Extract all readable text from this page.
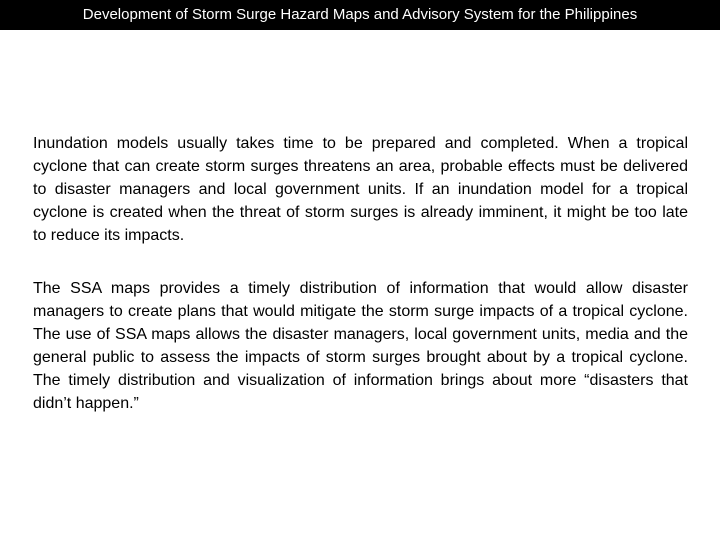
Development of Storm Surge Hazard Maps and Advisory System for the Philippines

Inundation models usually takes time to be prepared and completed. When a tropical cyclone that can create storm surges threatens an area, probable effects must be delivered to disaster managers and local government units. If an inundation model for a tropical cyclone is created when the threat of storm surges is already imminent, it might be too late to reduce its impacts.

The SSA maps provides a timely distribution of information that would allow disaster managers to create plans that would mitigate the storm surge impacts of a tropical cyclone. The use of SSA maps allows the disaster managers, local government units, media and the general public to assess the impacts of storm surges brought about by a tropical cyclone. The timely distribution and visualization of information brings about more “disasters that didn’t happen.”
